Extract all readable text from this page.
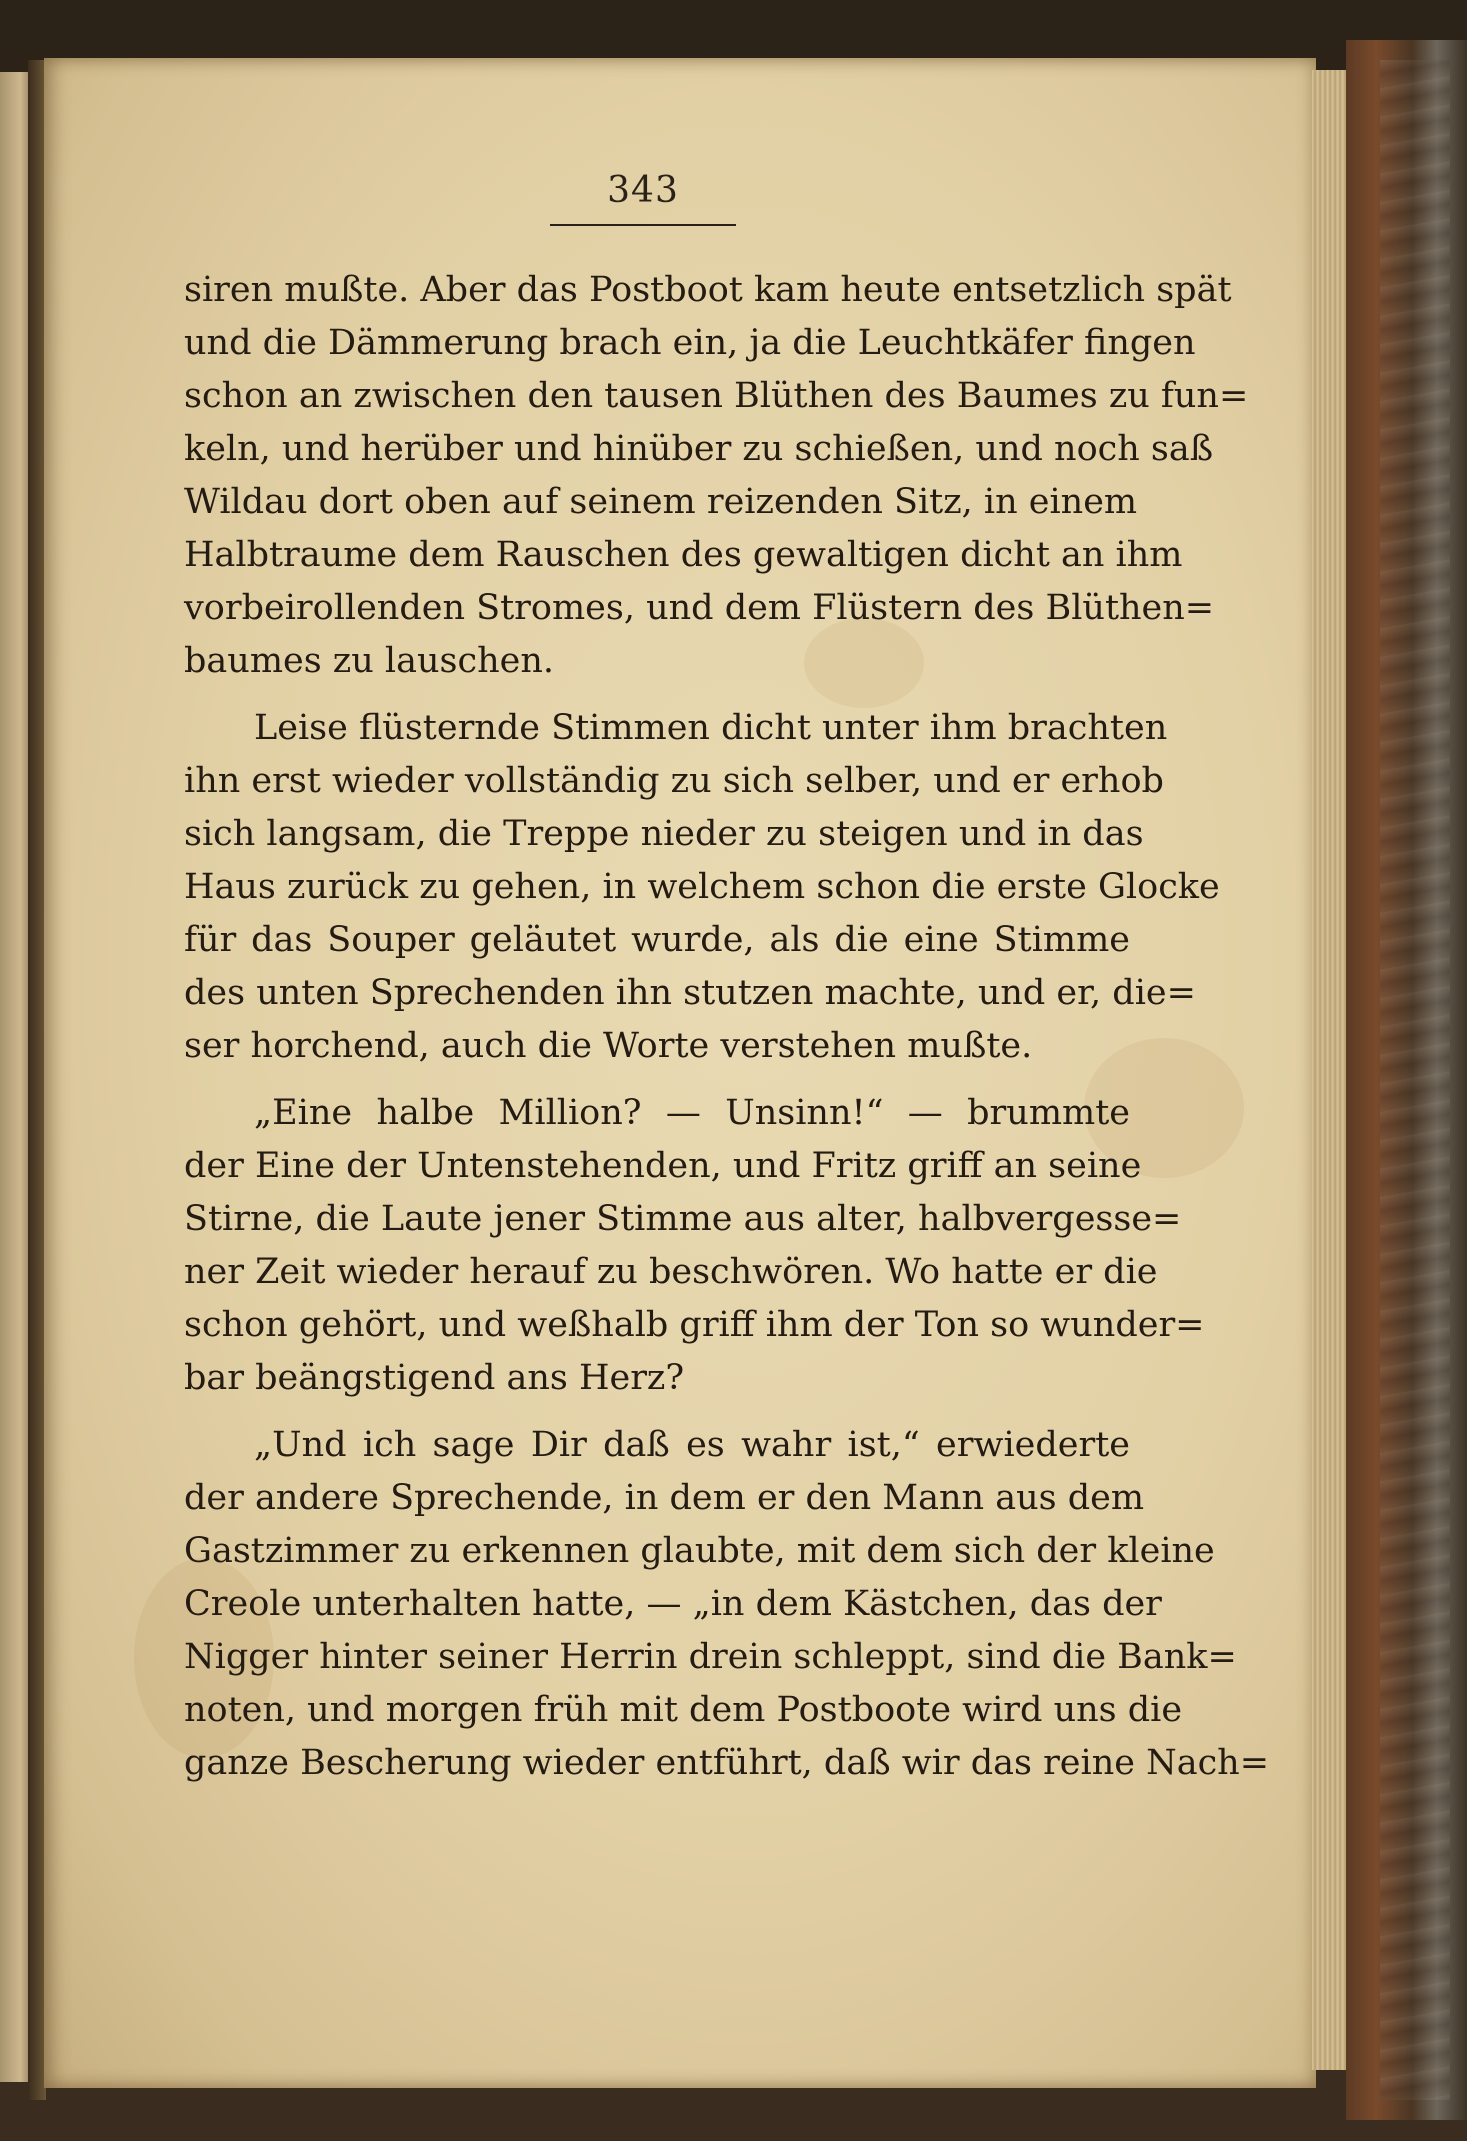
343
siren mußte. Aber das Postboot kam heute entsetzlich spät
und die Dämmerung brach ein, ja die Leuchtkäfer fingen
schon an zwischen den tausen Blüthen des Baumes zu fun=
keln, und herüber und hinüber zu schießen, und noch saß
Wildau dort oben auf seinem reizenden Sitz, in einem
Halbtraume dem Rauschen des gewaltigen dicht an ihm
vorbeirollenden Stromes, und dem Flüstern des Blüthen=
baumes zu lauschen.
Leise flüsternde Stimmen dicht unter ihm brachten
ihn erst wieder vollständig zu sich selber, und er erhob
sich langsam, die Treppe nieder zu steigen und in das
Haus zurück zu gehen, in welchem schon die erste Glocke
für das Souper geläutet wurde, als die eine Stimme
des unten Sprechenden ihn stutzen machte, und er, die=
ser horchend, auch die Worte verstehen mußte.
„Eine halbe Million? — Unsinn!“ — brummte
der Eine der Untenstehenden, und Fritz griff an seine
Stirne, die Laute jener Stimme aus alter, halbvergesse=
ner Zeit wieder herauf zu beschwören. Wo hatte er die
schon gehört, und weßhalb griff ihm der Ton so wunder=
bar beängstigend ans Herz?
„Und ich sage Dir daß es wahr ist,“ erwiederte
der andere Sprechende, in dem er den Mann aus dem
Gastzimmer zu erkennen glaubte, mit dem sich der kleine
Creole unterhalten hatte, — „in dem Kästchen, das der
Nigger hinter seiner Herrin drein schleppt, sind die Bank=
noten, und morgen früh mit dem Postboote wird uns die
ganze Bescherung wieder entführt, daß wir das reine Nach=
